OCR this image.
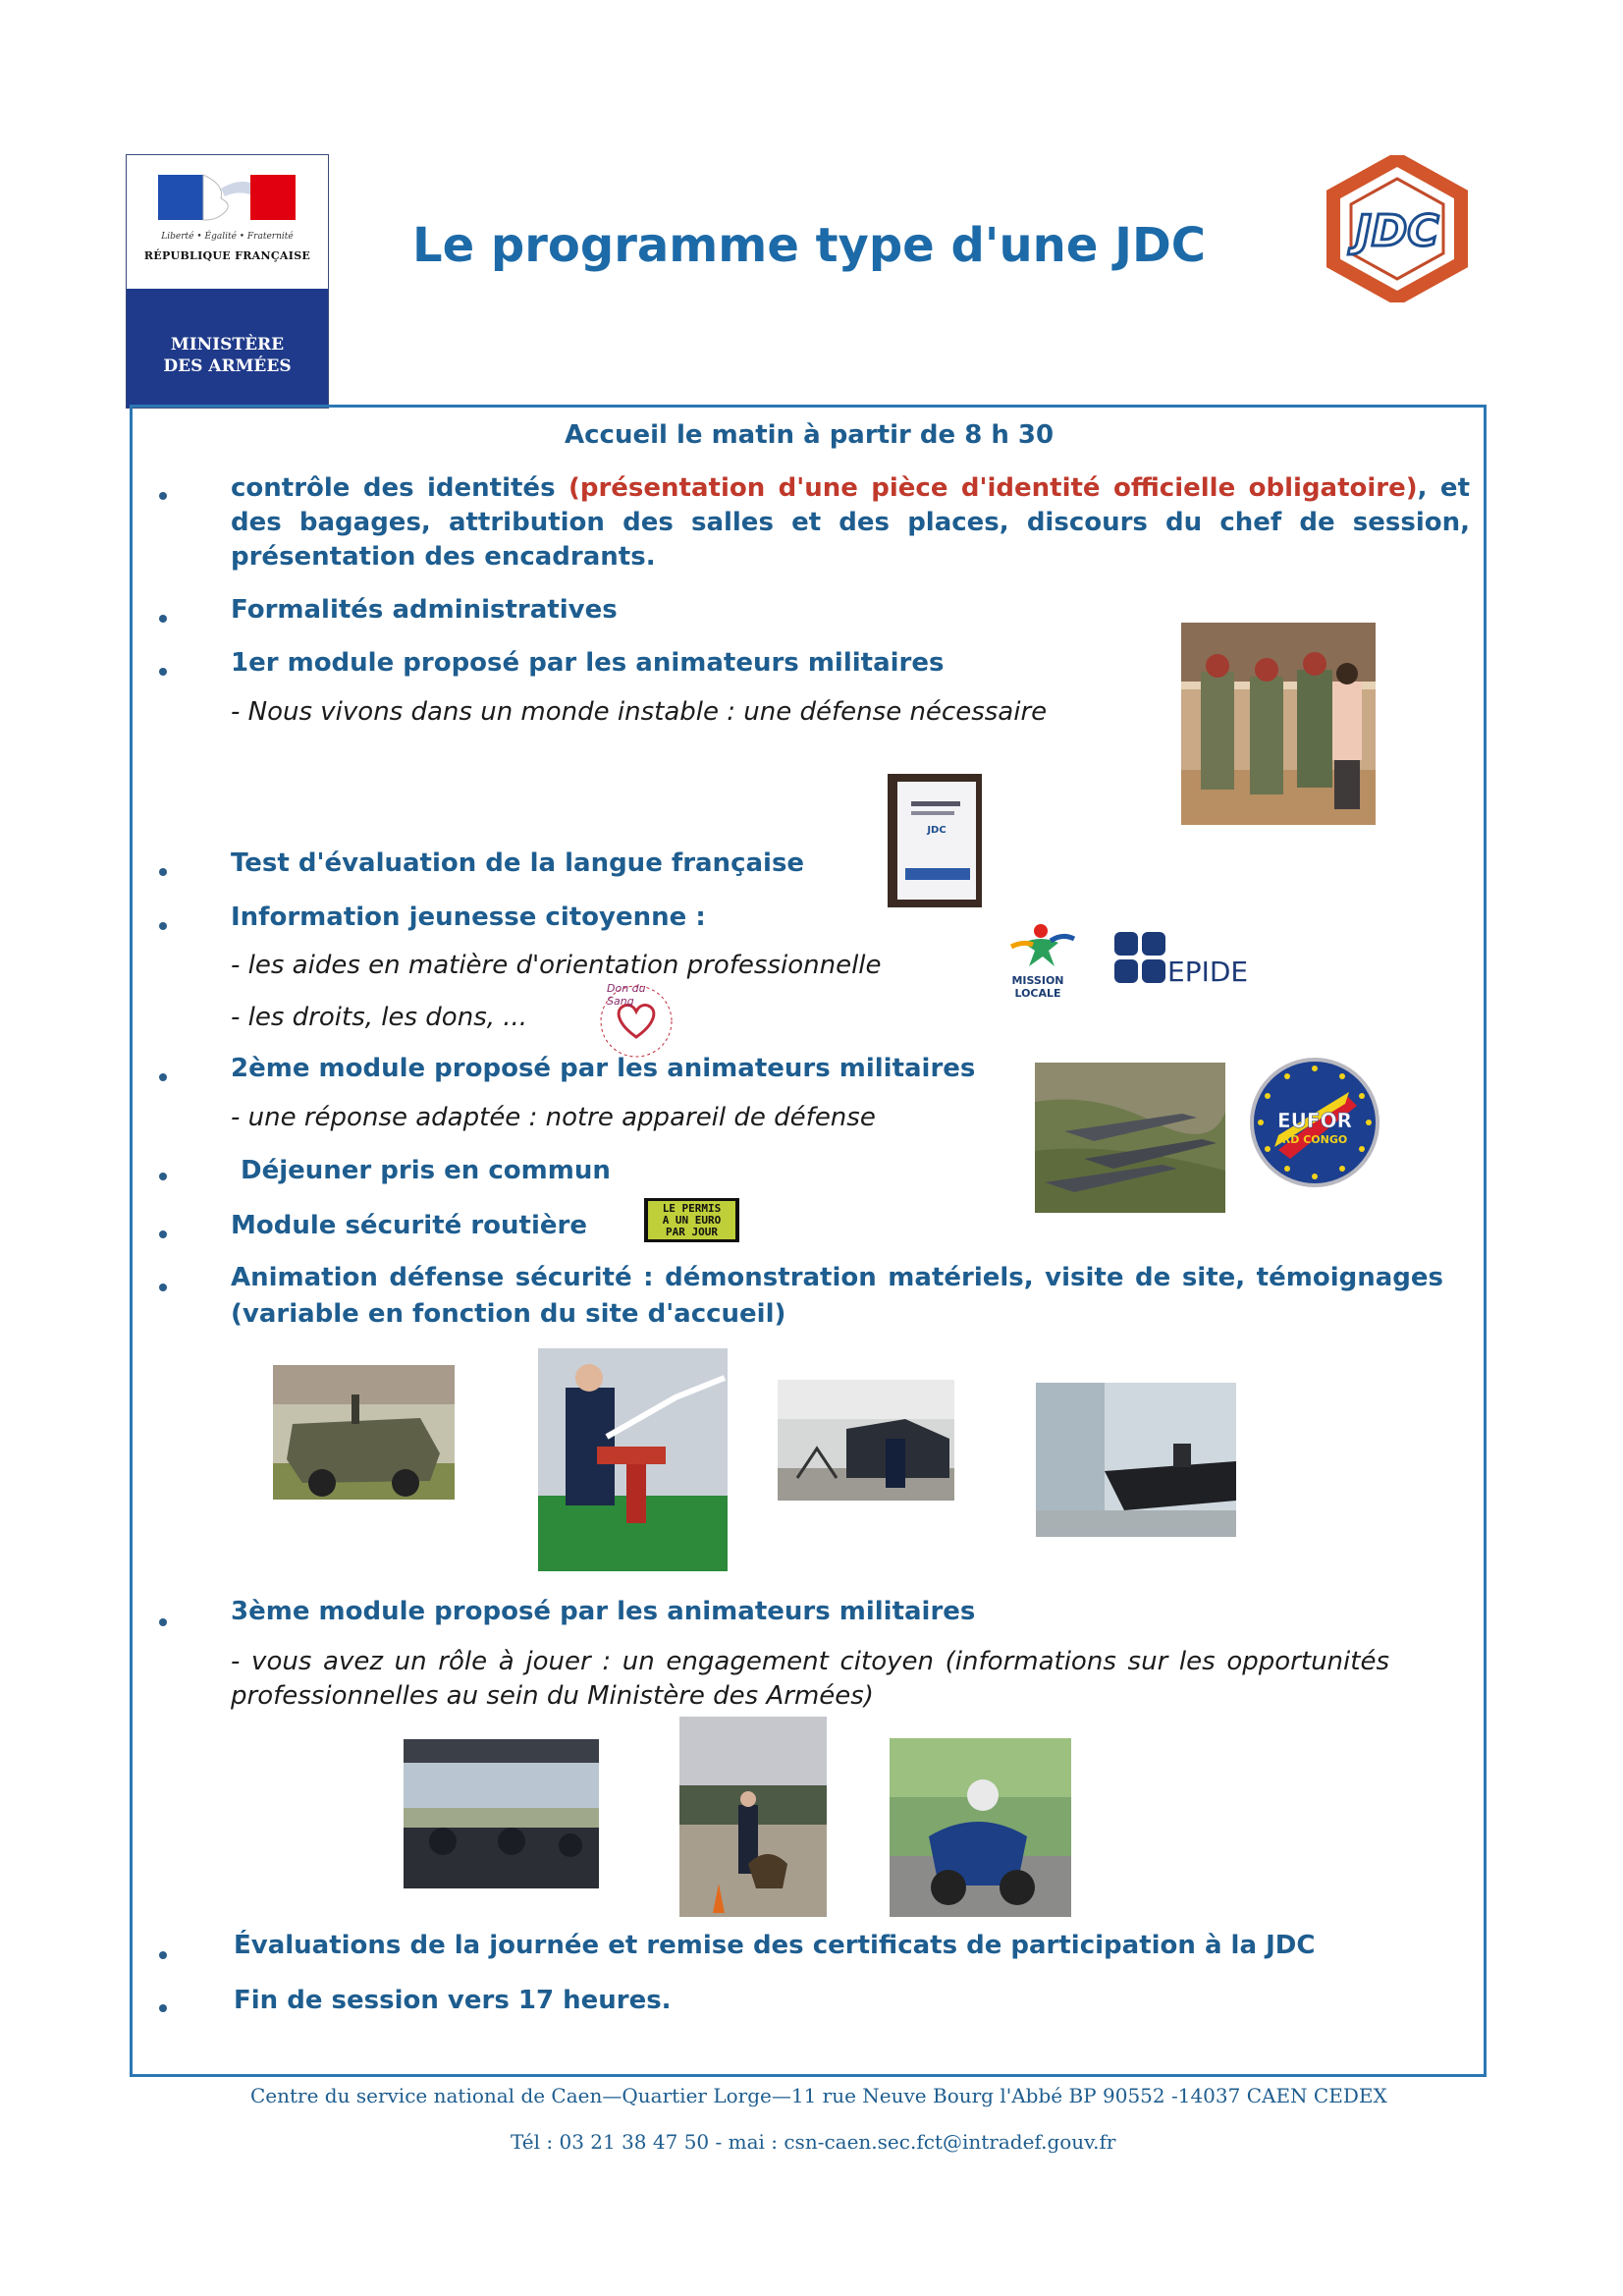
Liberté • Égalité • Fraternité
RÉPUBLIQUE FRANÇAISE
MINISTÈRE
DES ARMÉES
Le programme type d'une JDC	JDC
Accueil le matin à partir de 8 h 30
contrôle des identités (présentation d'une pièce d'identité officielle obligatoire), et des bagages, attribution des salles et des places, discours du chef de session, présentation des encadrants.
Formalités administratives
1er module proposé par les animateurs militaires
- Nous vivons dans un monde instable : une défense nécessaire
Test d'évaluation de la langue française
JDC
Information jeunesse citoyenne :
- les aides en matière d'orientation professionnelle
- les droits, les dons, ...
MISSION LOCALE
EPIDE
Don du Sang
2ème module proposé par les animateurs militaires
- une réponse adaptée : notre appareil de défense	EUFOR
RD CONGO
Déjeuner pris en commun
Module sécurité routière
LE PERMIS
A UN EURO
PAR JOUR
Animation défense sécurité : démonstration matériels, visite de site, témoignages (variable en fonction du site d'accueil)
3ème module proposé par les animateurs militaires
- vous avez un rôle à jouer : un engagement citoyen (informations sur les opportunités professionnelles au sein du Ministère des Armées)
Évaluations de la journée et remise des certificats de participation à la JDC
Fin de session vers 17 heures.
Centre du service national de Caen—Quartier Lorge—11 rue Neuve Bourg l'Abbé BP 90552 -14037 CAEN CEDEX
Tél : 03 21 38 47 50 - mai : csn-caen.sec.fct@intradef.gouv.fr
